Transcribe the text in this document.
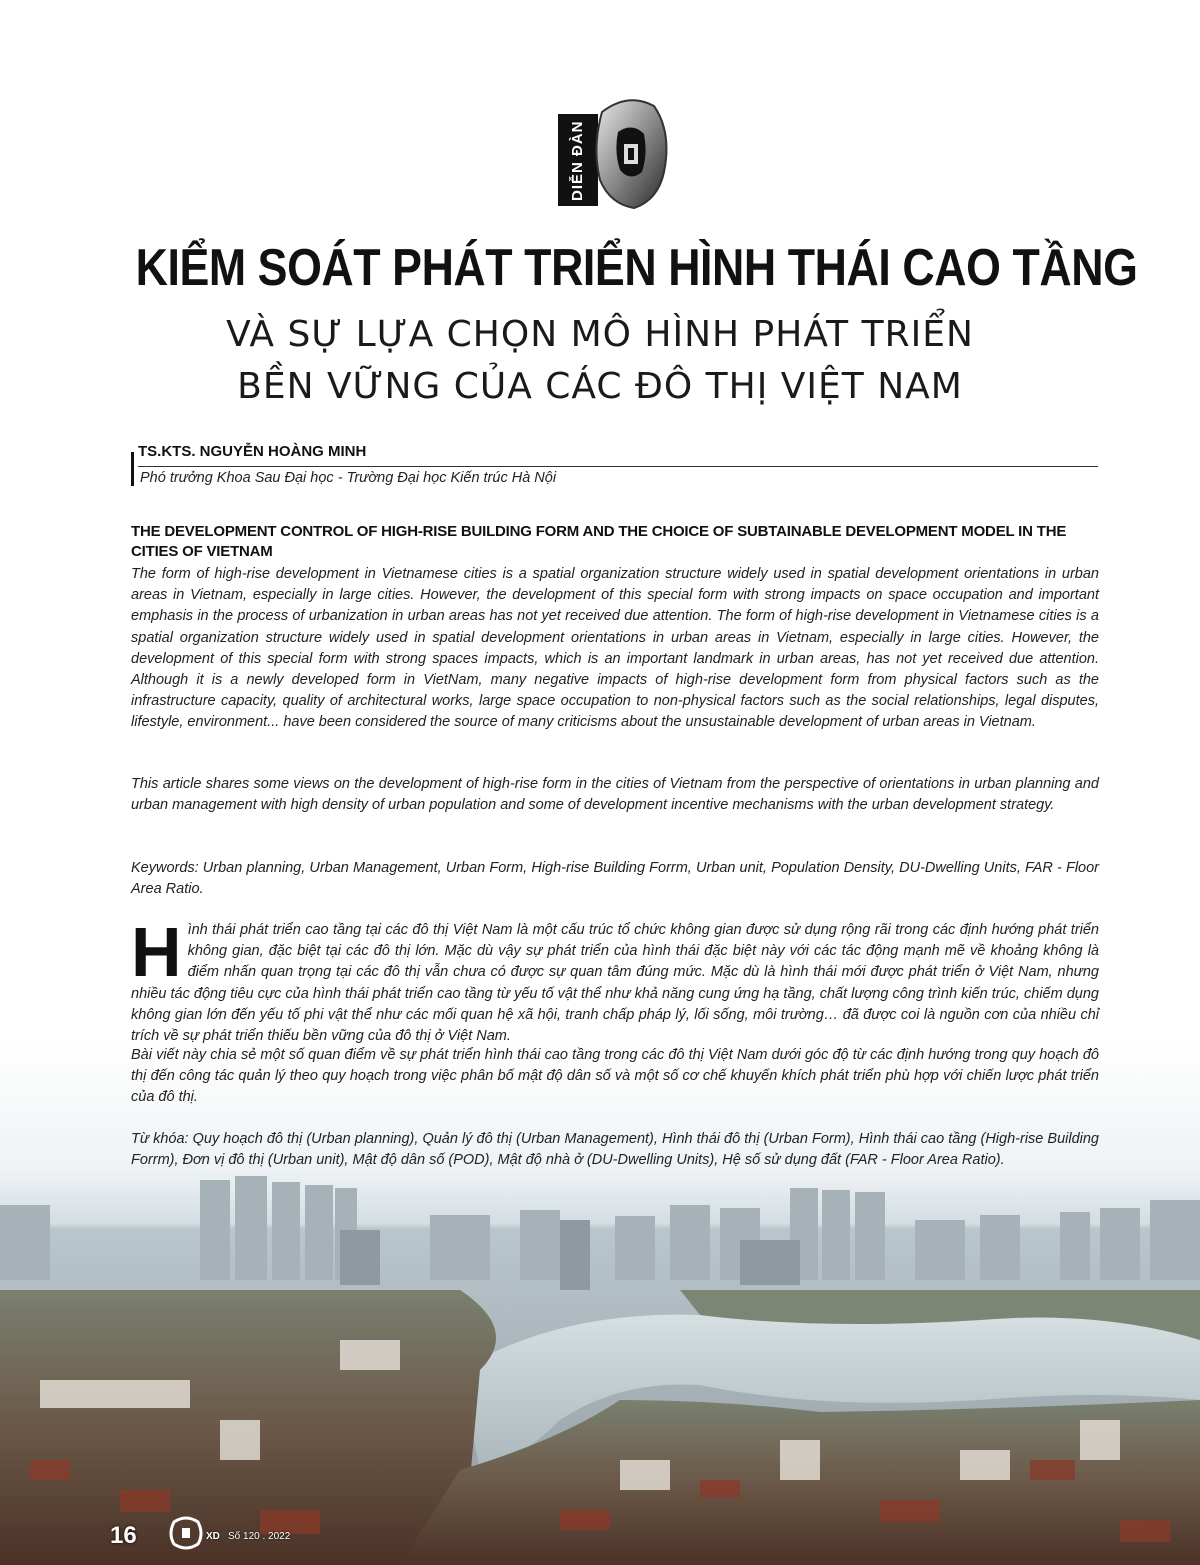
DIỄN ĐÀN
KIỂM SOÁT PHÁT TRIỂN HÌNH THÁI CAO TẦNG
VÀ SỰ LỰA CHỌN MÔ HÌNH PHÁT TRIỂN
BỀN VỮNG CỦA CÁC ĐÔ THỊ VIỆT NAM
TS.KTS. NGUYỄN HOÀNG MINH
Phó trưởng Khoa Sau Đại học - Trường Đại học Kiến trúc Hà Nội
THE DEVELOPMENT CONTROL OF HIGH-RISE BUILDING FORM AND THE CHOICE OF SUBTAINABLE DEVELOPMENT MODEL IN THE CITIES OF VIETNAM
The form of high-rise development in Vietnamese cities is a spatial organization structure widely used in spatial development orientations in urban areas in Vietnam, especially in large cities. However, the development of this special form with strong impacts on space occupation and important emphasis in the process of urbanization in urban areas has not yet received due attention. The form of high-rise development in Vietnamese cities is a spatial organization structure widely used in spatial development orientations in urban areas in Vietnam, especially in large cities. However, the development of this special form with strong spaces impacts, which is an important landmark in urban areas, has not yet received due attention. Although it is a newly developed form in VietNam, many negative impacts of high-rise development form from physical factors such as the infrastructure capacity, quality of architectural works, large space occupation to non-physical factors such as the social relationships, legal disputes, lifestyle, environment... have been considered the source of many criticisms about the unsustainable development of urban areas in Vietnam.
This article shares some views on the development of high-rise form in the cities of Vietnam from the perspective of orientations in urban planning and urban management with high density of urban population and some of development incentive mechanisms with the urban development strategy.
Keywords: Urban planning, Urban Management, Urban Form, High-rise Building Forrm, Urban unit, Population Density, DU-Dwelling Units, FAR - Floor Area Ratio.
Hình thái phát triển cao tầng tại các đô thị Việt Nam là một cấu trúc tổ chức không gian được sử dụng rộng rãi trong các định hướng phát triển không gian, đặc biệt tại các đô thị lớn. Mặc dù vậy sự phát triển của hình thái đặc biệt này với các tác động mạnh mẽ về khoảng không là điểm nhấn quan trọng tại các đô thị vẫn chưa có được sự quan tâm đúng mức. Mặc dù là hình thái mới được phát triển ở Việt Nam, nhưng nhiều tác động tiêu cực của hình thái phát triển cao tầng từ yếu tố vật thể như khả năng cung ứng hạ tầng, chất lượng công trình kiến trúc, chiếm dụng không gian lớn đến yếu tố phi vật thể như các mối quan hệ xã hội, tranh chấp pháp lý, lối sống, môi trường… đã được coi là nguồn cơn của nhiều chỉ trích về sự phát triển thiếu bền vững của đô thị ở Việt Nam.
Bài viết này chia sẻ một số quan điểm về sự phát triển hình thái cao tầng trong các đô thị Việt Nam dưới góc độ từ các định hướng trong quy hoạch đô thị đến công tác quản lý theo quy hoạch trong việc phân bố mật độ dân số và một số cơ chế khuyến khích phát triển phù hợp với chiến lược phát triển của đô thị.
Từ khóa: Quy hoạch đô thị (Urban planning), Quản lý đô thị (Urban Management), Hình thái đô thị (Urban Form), Hình thái cao tầng (High-rise Building Forrm), Đơn vị đô thị (Urban unit), Mật độ dân số (POD), Mật độ nhà ở (DU-Dwelling Units), Hệ số sử dụng đất (FAR - Floor Area Ratio).
16	XD Số 120 . 2022
